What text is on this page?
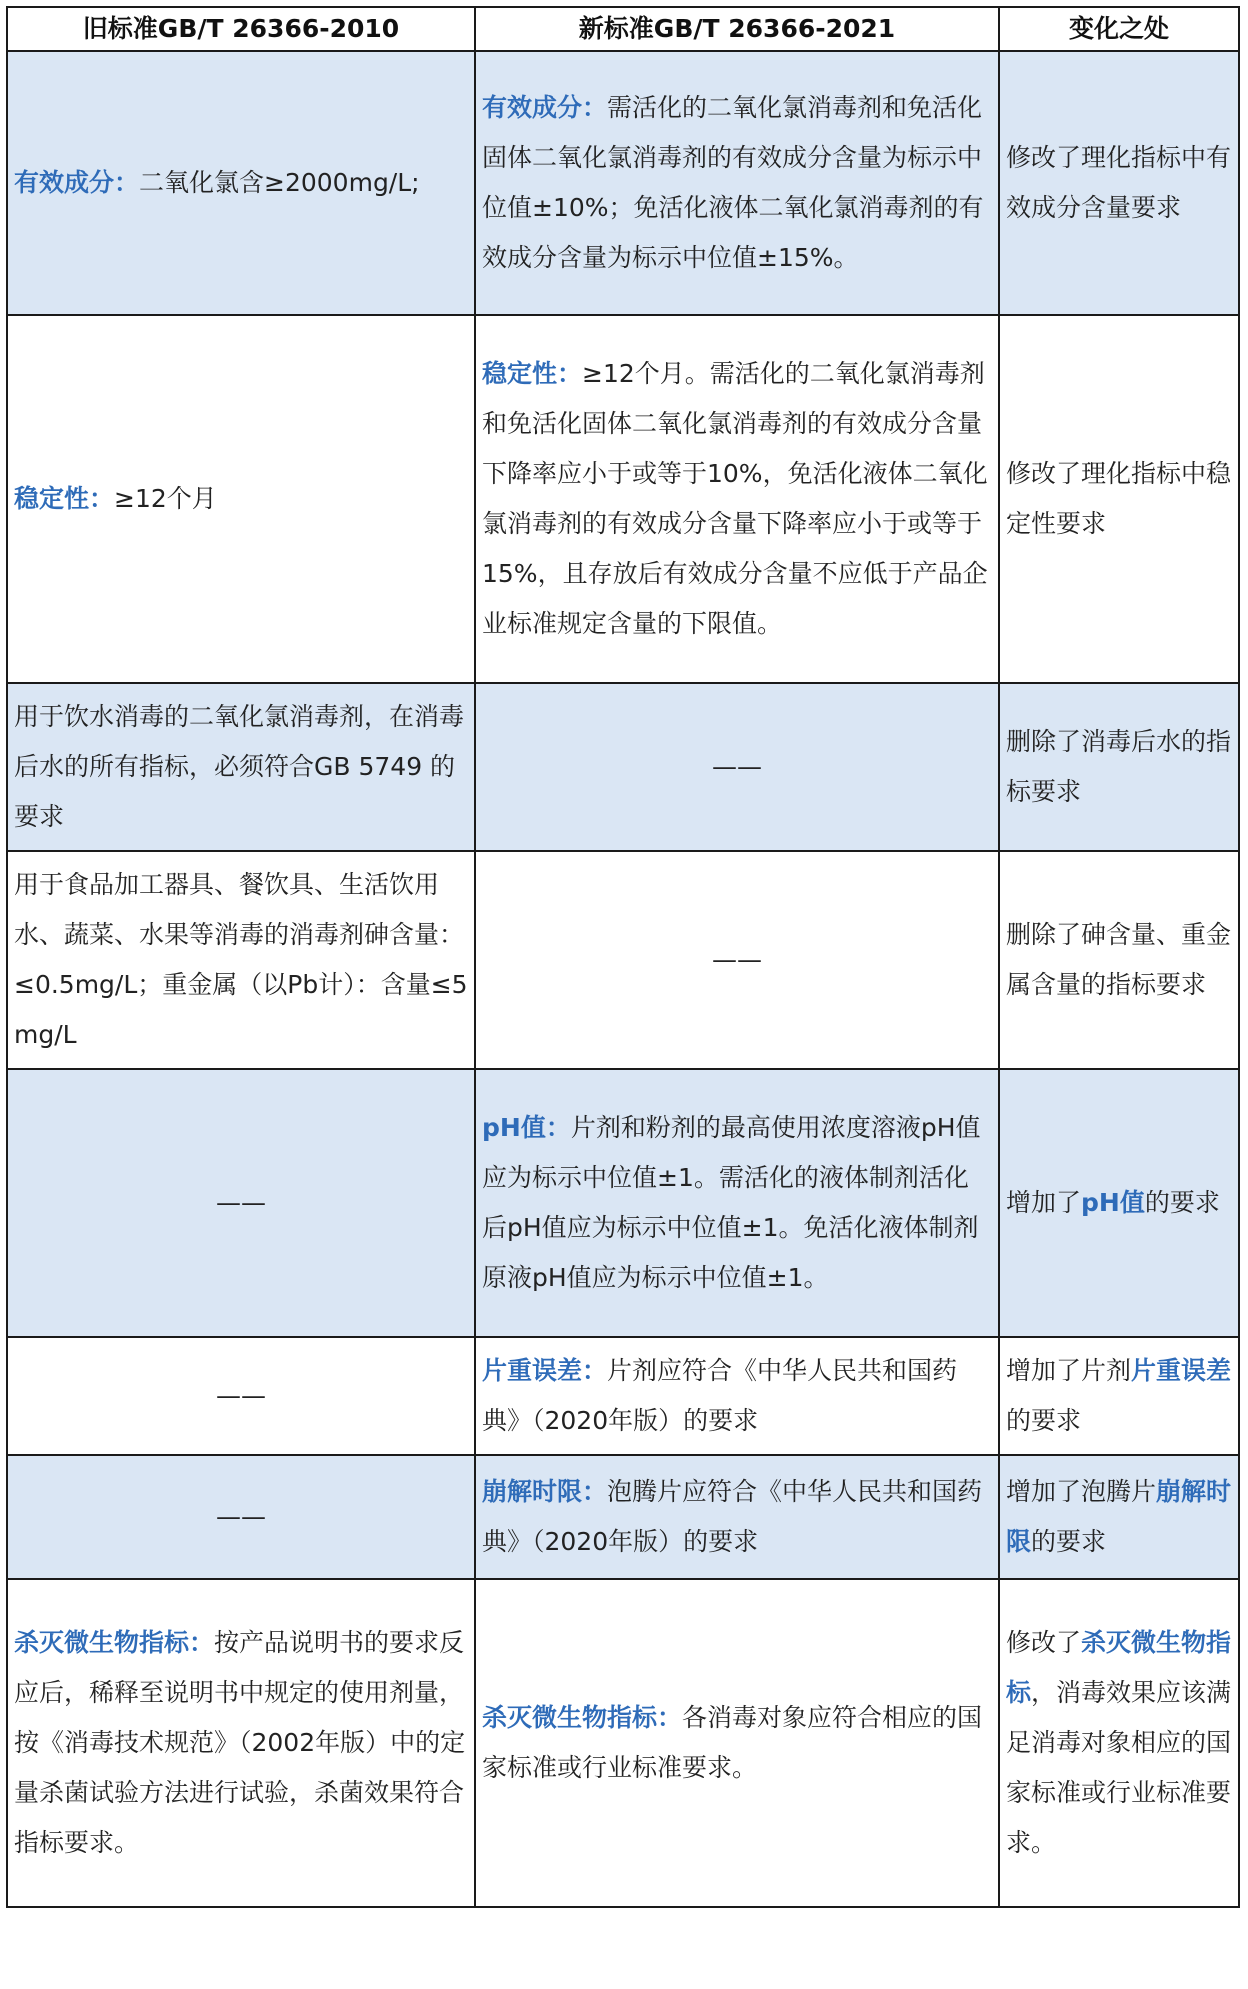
旧标准GB/T 26366-2010	新标准GB/T 26366-2021	变化之处
有效成分：二氧化氯含≥2000mg/L;	有效成分：需活化的二氧化氯消毒剂和免活化固体二氧化氯消毒剂的有效成分含量为标示中位值±10%；免活化液体二氧化氯消毒剂的有效成分含量为标示中位值±15%。	修改了理化指标中有效成分含量要求
稳定性：≥12个月	稳定性：≥12个月。需活化的二氧化氯消毒剂和免活化固体二氧化氯消毒剂的有效成分含量下降率应小于或等于10%，免活化液体二氧化氯消毒剂的有效成分含量下降率应小于或等于15%，且存放后有效成分含量不应低于产品企业标准规定含量的下限值。	修改了理化指标中稳定性要求
用于饮水消毒的二氧化氯消毒剂，在消毒后水的所有指标，必须符合GB 5749 的要求	——	删除了消毒后水的指标要求
用于食品加工器具、餐饮具、生活饮用水、蔬菜、水果等消毒的消毒剂砷含量：≤0.5mg/L；重金属（以Pb计）：含量≤5mg/L	——	删除了砷含量、重金属含量的指标要求
——	pH值：片剂和粉剂的最高使用浓度溶液pH值应为标示中位值±1。需活化的液体制剂活化后pH值应为标示中位值±1。免活化液体制剂原液pH值应为标示中位值±1。	增加了pH值的要求
——	片重误差：片剂应符合《中华人民共和国药典》（2020年版）的要求	增加了片剂片重误差的要求
——	崩解时限：泡腾片应符合《中华人民共和国药典》（2020年版）的要求	增加了泡腾片崩解时限的要求
杀灭微生物指标：按产品说明书的要求反应后，稀释至说明书中规定的使用剂量，按《消毒技术规范》（2002年版）中的定量杀菌试验方法进行试验，杀菌效果符合指标要求。	杀灭微生物指标：各消毒对象应符合相应的国家标准或行业标准要求。	修改了杀灭微生物指标，消毒效果应该满足消毒对象相应的国家标准或行业标准要求。
